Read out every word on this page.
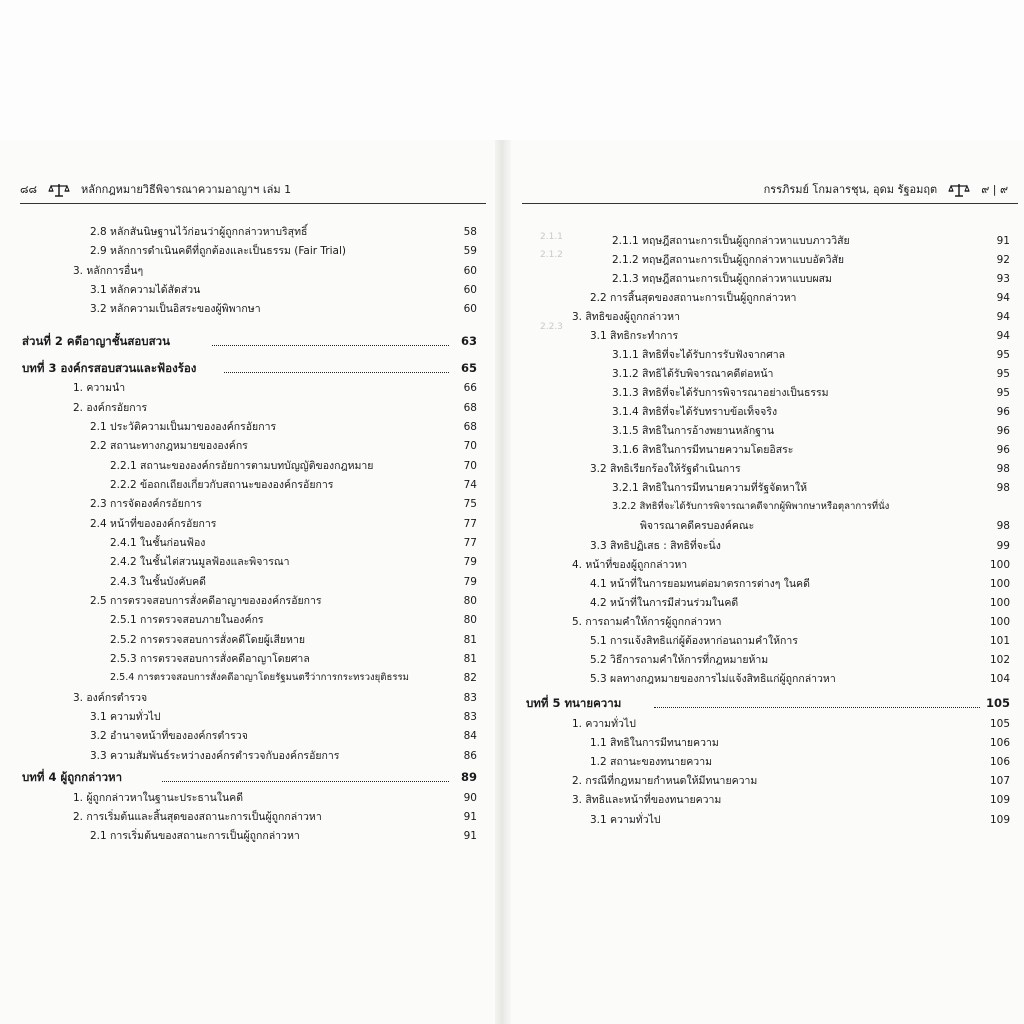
2.1.1
2.1.2
2.2.3
๘๘	หลักกฎหมายวิธีพิจารณาความอาญาฯ เล่ม 1	กรรภิรมย์ โกมลารชุน, อุดม รัฐอมฤต	๙ | ๙
2.8 หลักสันนิษฐานไว้ก่อนว่าผู้ถูกกล่าวหาบริสุทธิ์	58
2.9 หลักการดำเนินคดีที่ถูกต้องและเป็นธรรม (Fair Trial)	59
3. หลักการอื่นๆ	60
3.1 หลักความได้สัดส่วน	60
3.2 หลักความเป็นอิสระของผู้พิพากษา	60
ส่วนที่ 2 คดีอาญาชั้นสอบสวน	63
บทที่ 3 องค์กรสอบสวนและฟ้องร้อง	65
1. ความนำ	66
2. องค์กรอัยการ	68
2.1 ประวัติความเป็นมาขององค์กรอัยการ	68
2.2 สถานะทางกฎหมายขององค์กร	70
2.2.1 สถานะขององค์กรอัยการตามบทบัญญัติของกฎหมาย	70
2.2.2 ข้อถกเถียงเกี่ยวกับสถานะขององค์กรอัยการ	74
2.3 การจัดองค์กรอัยการ	75
2.4 หน้าที่ขององค์กรอัยการ	77
2.4.1 ในชั้นก่อนฟ้อง	77
2.4.2 ในชั้นไต่สวนมูลฟ้องและพิจารณา	79
2.4.3 ในชั้นบังคับคดี	79
2.5 การตรวจสอบการสั่งคดีอาญาขององค์กรอัยการ	80
2.5.1 การตรวจสอบภายในองค์กร	80
2.5.2 การตรวจสอบการสั่งคดีโดยผู้เสียหาย	81
2.5.3 การตรวจสอบการสั่งคดีอาญาโดยศาล	81
2.5.4 การตรวจสอบการสั่งคดีอาญาโดยรัฐมนตรีว่าการกระทรวงยุติธรรม	82
3. องค์กรตำรวจ	83
3.1 ความทั่วไป	83
3.2 อำนาจหน้าที่ขององค์กรตำรวจ	84
3.3 ความสัมพันธ์ระหว่างองค์กรตำรวจกับองค์กรอัยการ	86
บทที่ 4 ผู้ถูกกล่าวหา	89
1. ผู้ถูกกล่าวหาในฐานะประธานในคดี	90
2. การเริ่มต้นและสิ้นสุดของสถานะการเป็นผู้ถูกกล่าวหา	91
2.1 การเริ่มต้นของสถานะการเป็นผู้ถูกกล่าวหา	91
2.1.1 ทฤษฎีสถานะการเป็นผู้ถูกกล่าวหาแบบภาววิสัย	91
2.1.2 ทฤษฎีสถานะการเป็นผู้ถูกกล่าวหาแบบอัตวิสัย	92
2.1.3 ทฤษฎีสถานะการเป็นผู้ถูกกล่าวหาแบบผสม	93
2.2 การสิ้นสุดของสถานะการเป็นผู้ถูกกล่าวหา	94
3. สิทธิของผู้ถูกกล่าวหา	94
3.1 สิทธิกระทำการ	94
3.1.1 สิทธิที่จะได้รับการรับฟังจากศาล	95
3.1.2 สิทธิได้รับพิจารณาคดีต่อหน้า	95
3.1.3 สิทธิที่จะได้รับการพิจารณาอย่างเป็นธรรม	95
3.1.4 สิทธิที่จะได้รับทราบข้อเท็จจริง	96
3.1.5 สิทธิในการอ้างพยานหลักฐาน	96
3.1.6 สิทธิในการมีทนายความโดยอิสระ	96
3.2 สิทธิเรียกร้องให้รัฐดำเนินการ	98
3.2.1 สิทธิในการมีทนายความที่รัฐจัดหาให้	98
3.2.2 สิทธิที่จะได้รับการพิจารณาคดีจากผู้พิพากษาหรือตุลาการที่นั่ง
พิจารณาคดีครบองค์คณะ	98
3.3 สิทธิปฏิเสธ : สิทธิที่จะนิ่ง	99
4. หน้าที่ของผู้ถูกกล่าวหา	100
4.1 หน้าที่ในการยอมทนต่อมาตรการต่างๆ ในคดี	100
4.2 หน้าที่ในการมีส่วนร่วมในคดี	100
5. การถามคำให้การผู้ถูกกล่าวหา	100
5.1 การแจ้งสิทธิแก่ผู้ต้องหาก่อนถามคำให้การ	101
5.2 วิธีการถามคำให้การที่กฎหมายห้าม	102
5.3 ผลทางกฎหมายของการไม่แจ้งสิทธิแก่ผู้ถูกกล่าวหา	104
บทที่ 5 ทนายความ	105
1. ความทั่วไป	105
1.1 สิทธิในการมีทนายความ	106
1.2 สถานะของทนายความ	106
2. กรณีที่กฎหมายกำหนดให้มีทนายความ	107
3. สิทธิและหน้าที่ของทนายความ	109
3.1 ความทั่วไป	109
